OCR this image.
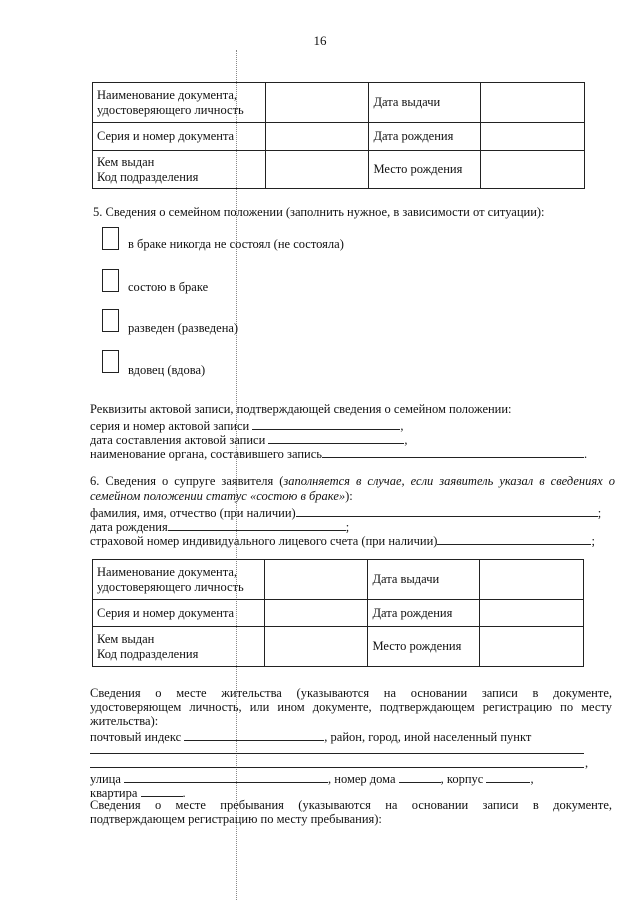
16
Наименование документа, удостоверяющего личность		Дата выдачи	
Серия и номер документа		Дата рождения	

Кем выдан
Код подразделения		Место рождения	
5. Сведения о семейном положении (заполнить нужное, в зависимости от ситуации):
в браке никогда не состоял (не состояла)
состою в браке
разведен (разведена)
вдовец (вдова)
Реквизиты актовой записи, подтверждающей сведения о семейном положении:
серия и номер актовой записи	,
дата составления актовой записи	,
наименование органа, составившего запись	.
6. Сведения о супруге заявителя (заполняется в случае, если заявитель указал в сведениях о
семейном положении статус «состою в браке»):
фамилия, имя, отчество (при наличии)	;
дата рождения	;
страховой номер индивидуального лицевого счета (при наличии)	;
Наименование документа, удостоверяющего личность		Дата выдачи	
Серия и номер документа		Дата рождения	

Кем выдан
Код подразделения		Место рождения	
Сведения о месте жительства (указываются на основании записи в документе,
удостоверяющем личность, или ином документе, подтверждающем регистрацию по месту
жительства):
почтовый индекс	, район, город, иной населенный пункт
,
улица	, номер дома	, корпус	,
квартира	.
Сведения о месте пребывания (указываются на основании записи в документе,
подтверждающем регистрацию по месту пребывания):
